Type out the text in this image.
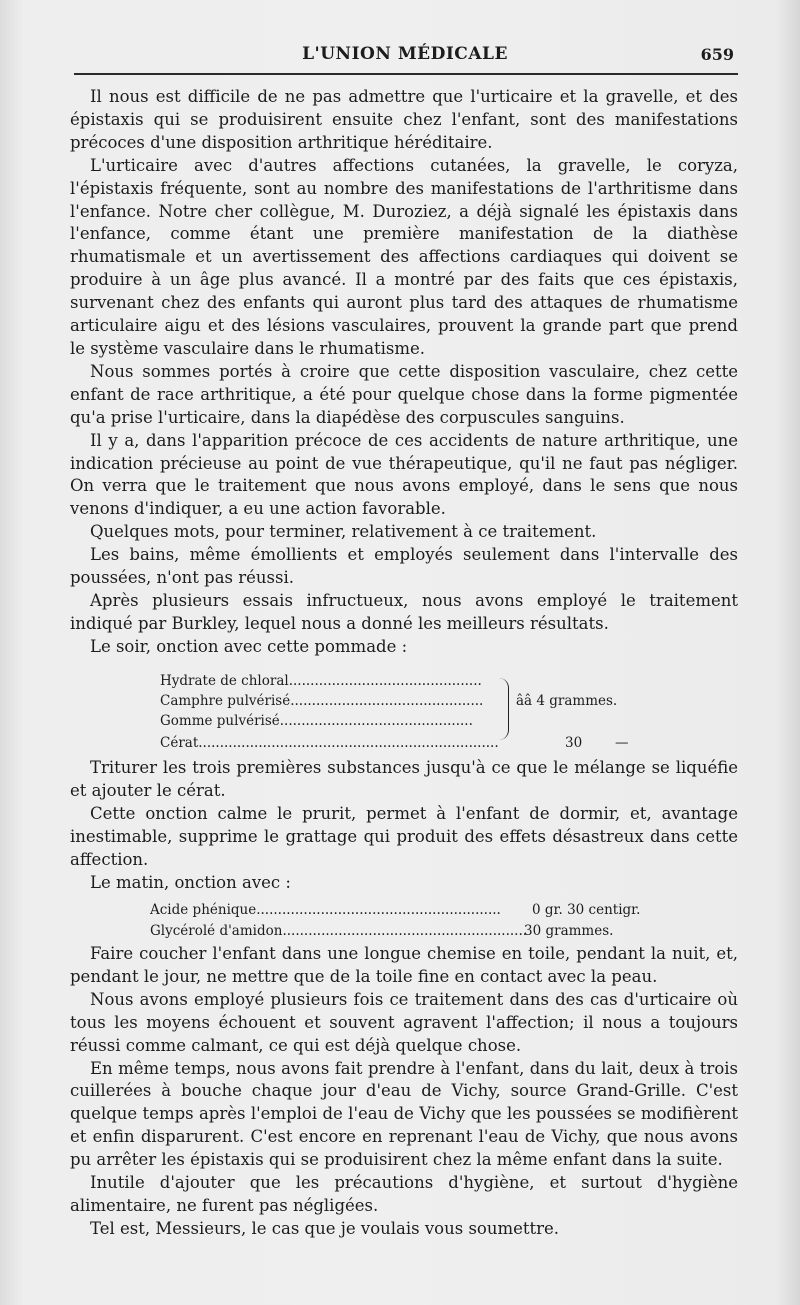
L'UNION MÉDICALE	659

Il nous est difficile de ne pas admettre que l'urticaire et la gravelle, et des épistaxis qui se produisirent ensuite chez l'enfant, sont des manifestations précoces d'une disposition arthritique héréditaire.

L'urticaire avec d'autres affections cutanées, la gravelle, le coryza, l'épistaxis fréquente, sont au nombre des manifestations de l'arthritisme dans l'enfance. Notre cher collègue, M. Duroziez, a déjà signalé les épistaxis dans l'enfance, comme étant une première manifestation de la diathèse rhumatismale et un avertissement des affections cardiaques qui doivent se produire à un âge plus avancé. Il a montré par des faits que ces épistaxis, survenant chez des enfants qui auront plus tard des attaques de rhumatisme articulaire aigu et des lésions vasculaires, prouvent la grande part que prend le système vasculaire dans le rhumatisme.

Nous sommes portés à croire que cette disposition vasculaire, chez cette enfant de race arthritique, a été pour quelque chose dans la forme pigmentée qu'a prise l'urticaire, dans la diapédèse des corpuscules sanguins.

Il y a, dans l'apparition précoce de ces accidents de nature arthritique, une indication précieuse au point de vue thérapeutique, qu'il ne faut pas négliger. On verra que le traitement que nous avons employé, dans le sens que nous venons d'indiquer, a eu une action favorable.

Quelques mots, pour terminer, relativement à ce traitement.

Les bains, même émollients et employés seulement dans l'intervalle des poussées, n'ont pas réussi.

Après plusieurs essais infructueux, nous avons employé le traitement indiqué par Burkley, lequel nous a donné les meilleurs résultats.

Le soir, onction avec cette pommade :

Hydrate de chloral.............................................
Camphre pulvérisé............................................. ââ 4 grammes.
Gomme pulvérisé.............................................
Cérat......................................................................	30 —

Triturer les trois premières substances jusqu'à ce que le mélange se liquéfie et ajouter le cérat.

Cette onction calme le prurit, permet à l'enfant de dormir, et, avantage inestimable, supprime le grattage qui produit des effets désastreux dans cette affection.

Le matin, onction avec :

Acide phénique......................................................... 0 gr. 30 centigr.
Glycérolé d'amidon.........................................................
30 grammes.

Faire coucher l'enfant dans une longue chemise en toile, pendant la nuit, et, pendant le jour, ne mettre que de la toile fine en contact avec la peau.

Nous avons employé plusieurs fois ce traitement dans des cas d'urticaire où tous les moyens échouent et souvent agravent l'affection; il nous a toujours réussi comme calmant, ce qui est déjà quelque chose.

En même temps, nous avons fait prendre à l'enfant, dans du lait, deux à trois cuillerées à bouche chaque jour d'eau de Vichy, source Grand-Grille. C'est quelque temps après l'emploi de l'eau de Vichy que les poussées se modifièrent et enfin disparurent. C'est encore en reprenant l'eau de Vichy, que nous avons pu arrêter les épistaxis qui se produisirent chez la même enfant dans la suite.

Inutile d'ajouter que les précautions d'hygiène, et surtout d'hygiène alimentaire, ne furent pas négligées.

Tel est, Messieurs, le cas que je voulais vous soumettre.
